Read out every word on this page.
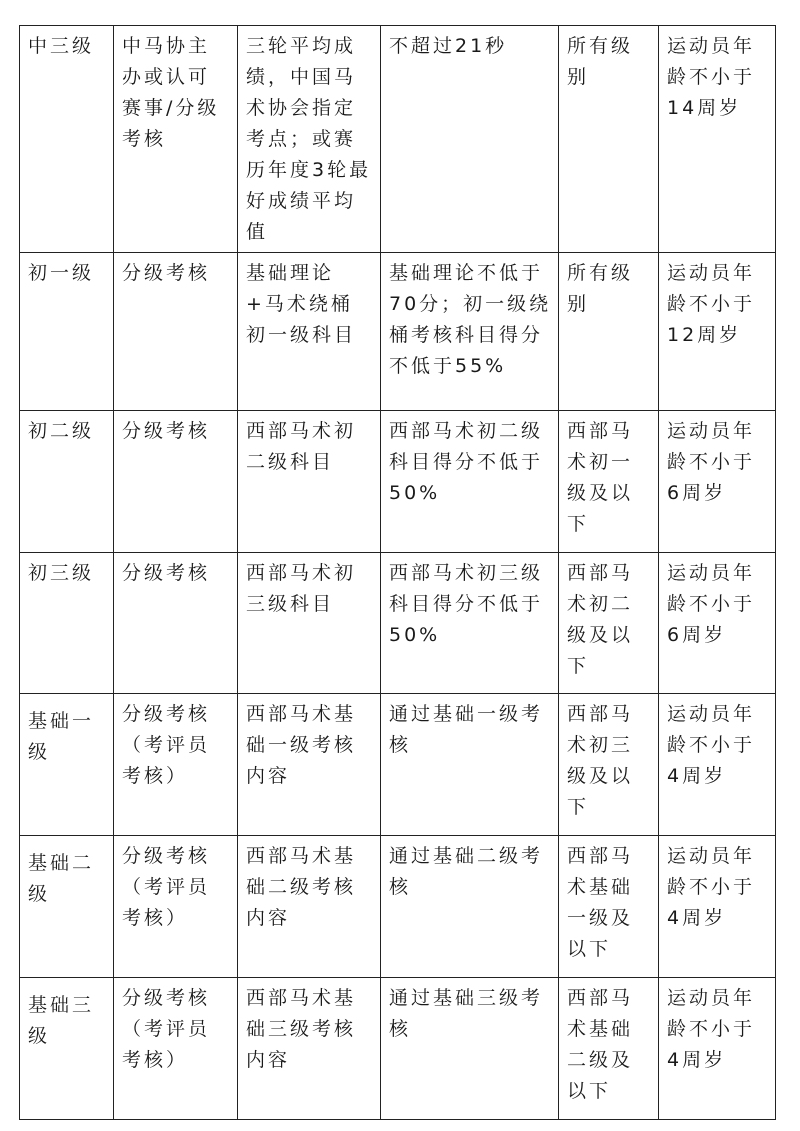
中三级	中马协主办或认可赛事/分级考核	三轮平均成绩，中国马术协会指定考点；或赛历年度3轮最好成绩平均值	不超过21秒	所有级别	运动员年龄不小于14周岁
初一级	分级考核	基础理论+马术绕桶初一级科目	基础理论不低于70分；初一级绕桶考核科目得分不低于55%	所有级别	运动员年龄不小于12周岁
初二级	分级考核	西部马术初二级科目	西部马术初二级科目得分不低于50%	西部马术初一级及以下	运动员年龄不小于6周岁
初三级	分级考核	西部马术初三级科目	西部马术初三级科目得分不低于50%	西部马术初二级及以下	运动员年龄不小于6周岁
基础一级	分级考核（考评员考核）	西部马术基础一级考核内容	通过基础一级考核	西部马术初三级及以下	运动员年龄不小于4周岁
基础二级	分级考核（考评员考核）	西部马术基础二级考核内容	通过基础二级考核	西部马术基础一级及以下	运动员年龄不小于4周岁
基础三级	分级考核（考评员考核）	西部马术基础三级考核内容	通过基础三级考核	西部马术基础二级及以下	运动员年龄不小于4周岁
